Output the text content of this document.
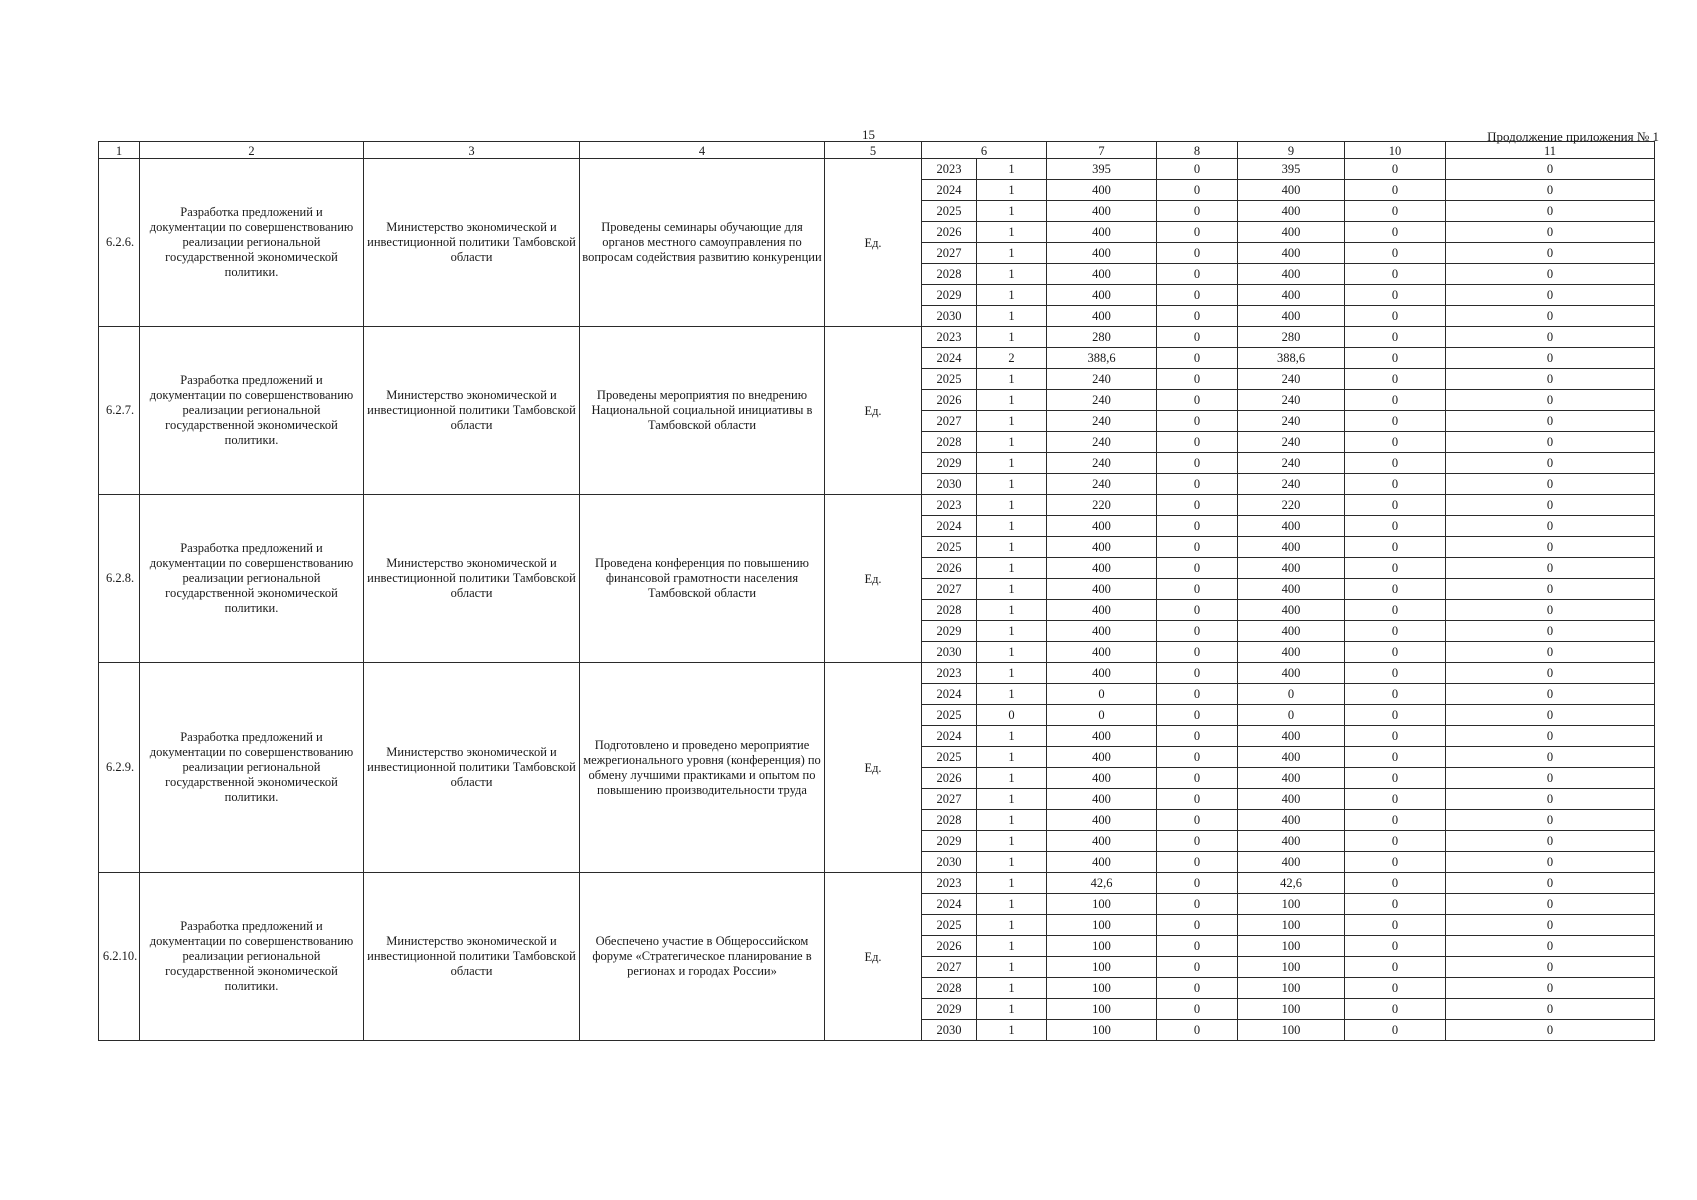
15	Продолжение приложения № 1
1	2	3	4	5	6		7	8	9	10	11
6.2.6.	Разработка предложений и документации по совершенствованию реализации региональной государственной экономической политики.	Министерство экономической и инвестиционной политики Тамбовской области	Проведены семинары обучающие для органов местного самоуправления по вопросам содействия развитию конкуренции	Ед.	2023	1	395	0	395	0	0
					2024	1	400	0	400	0	0
					2025	1	400	0	400	0	0
					2026	1	400	0	400	0	0
					2027	1	400	0	400	0	0
					2028	1	400	0	400	0	0
					2029	1	400	0	400	0	0
					2030	1	400	0	400	0	0
6.2.7.	Разработка предложений и документации по совершенствованию реализации региональной государственной экономической политики.	Министерство экономической и инвестиционной политики Тамбовской области	Проведены мероприятия по внедрению Национальной социальной инициативы в Тамбовской области	Ед.	2023	1	280	0	280	0	0
					2024	2	388,6	0	388,6	0	0
					2025	1	240	0	240	0	0
					2026	1	240	0	240	0	0
					2027	1	240	0	240	0	0
					2028	1	240	0	240	0	0
					2029	1	240	0	240	0	0
					2030	1	240	0	240	0	0
6.2.8.	Разработка предложений и документации по совершенствованию реализации региональной государственной экономической политики.	Министерство экономической и инвестиционной политики Тамбовской области	Проведена конференция по повышению финансовой грамотности населения Тамбовской области	Ед.	2023	1	220	0	220	0	0
					2024	1	400	0	400	0	0
					2025	1	400	0	400	0	0
					2026	1	400	0	400	0	0
					2027	1	400	0	400	0	0
					2028	1	400	0	400	0	0
					2029	1	400	0	400	0	0
					2030	1	400	0	400	0	0
6.2.9.	Разработка предложений и документации по совершенствованию реализации региональной государственной экономической политики.	Министерство экономической и инвестиционной политики Тамбовской области	Подготовлено и проведено мероприятие межрегионального уровня (конференция) по обмену лучшими практиками и опытом по повышению производительности труда	Ед.	2023	1	400	0	400	0	0
					2024	1	0	0	0	0	0
					2025	0	0	0	0	0	0
					2024	1	400	0	400	0	0
					2025	1	400	0	400	0	0
					2026	1	400	0	400	0	0
					2027	1	400	0	400	0	0
					2028	1	400	0	400	0	0
					2029	1	400	0	400	0	0
					2030	1	400	0	400	0	0
6.2.10.	Разработка предложений и документации по совершенствованию реализации региональной государственной экономической политики.	Министерство экономической и инвестиционной политики Тамбовской области	Обеспечено участие в Общероссийском форуме «Стратегическое планирование в регионах и городах России»	Ед.	2023	1	42,6	0	42,6	0	0
					2024	1	100	0	100	0	0
					2025	1	100	0	100	0	0
					2026	1	100	0	100	0	0
					2027	1	100	0	100	0	0
					2028	1	100	0	100	0	0
					2029	1	100	0	100	0	0
					2030	1	100	0	100	0	0
